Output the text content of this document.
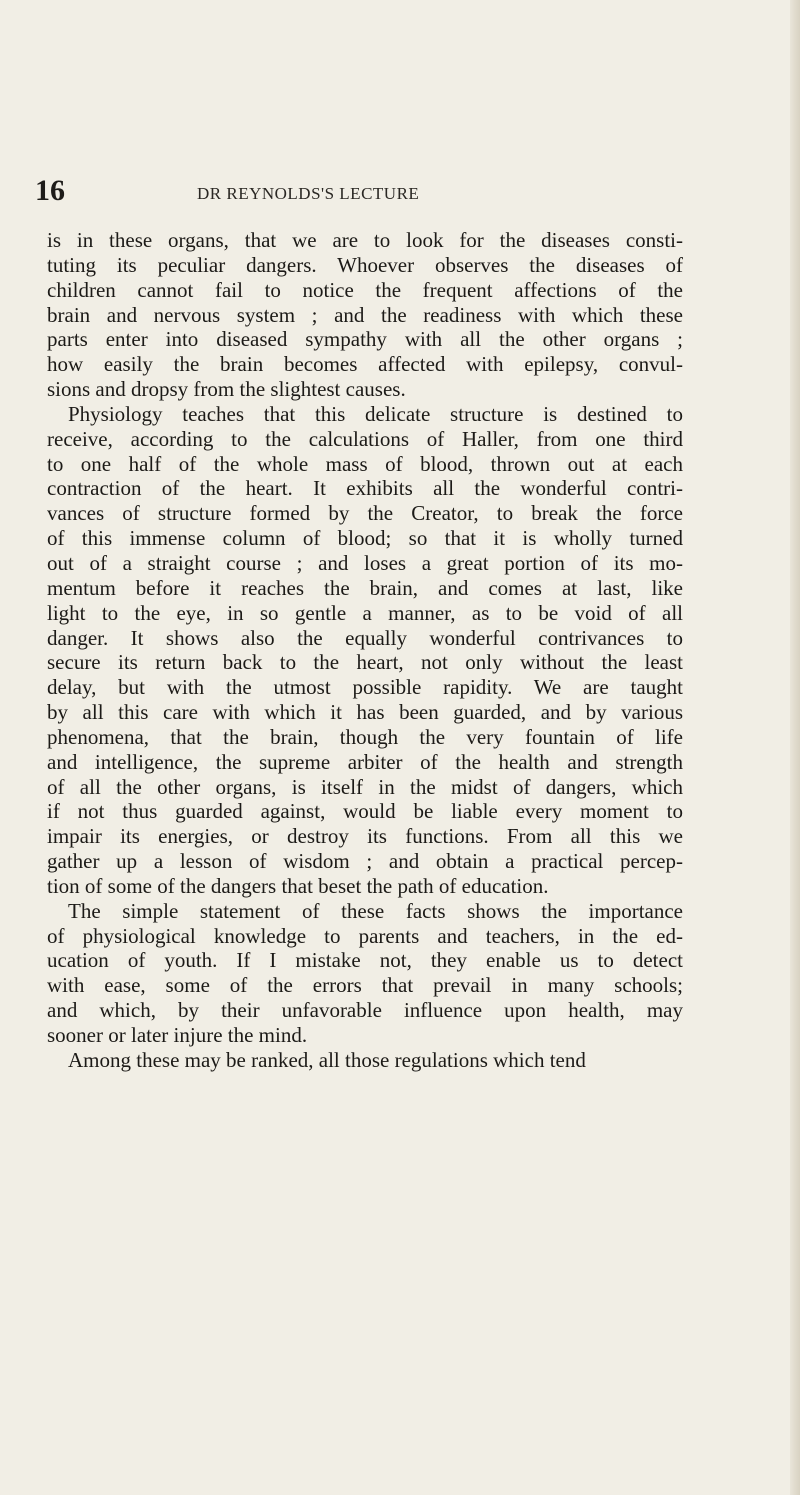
16	DR REYNOLDS'S LECTURE
is in these organs, that we are to look for the diseases consti-
tuting its peculiar dangers. Whoever observes the diseases of
children cannot fail to notice the frequent affections of the
brain and nervous system ; and the readiness with which these
parts enter into diseased sympathy with all the other organs ;
how easily the brain becomes affected with epilepsy, convul-
sions and dropsy from the slightest causes.
Physiology teaches that this delicate structure is destined to
receive, according to the calculations of Haller, from one third
to one half of the whole mass of blood, thrown out at each
contraction of the heart. It exhibits all the wonderful contri-
vances of structure formed by the Creator, to break the force
of this immense column of blood; so that it is wholly turned
out of a straight course ; and loses a great portion of its mo-
mentum before it reaches the brain, and comes at last, like
light to the eye, in so gentle a manner, as to be void of all
danger. It shows also the equally wonderful contrivances to
secure its return back to the heart, not only without the least
delay, but with the utmost possible rapidity. We are taught
by all this care with which it has been guarded, and by various
phenomena, that the brain, though the very fountain of life
and intelligence, the supreme arbiter of the health and strength
of all the other organs, is itself in the midst of dangers, which
if not thus guarded against, would be liable every moment to
impair its energies, or destroy its functions. From all this we
gather up a lesson of wisdom ; and obtain a practical percep-
tion of some of the dangers that beset the path of education.
The simple statement of these facts shows the importance
of physiological knowledge to parents and teachers, in the ed-
ucation of youth. If I mistake not, they enable us to detect
with ease, some of the errors that prevail in many schools;
and which, by their unfavorable influence upon health, may
sooner or later injure the mind.
Among these may be ranked, all those regulations which tend
